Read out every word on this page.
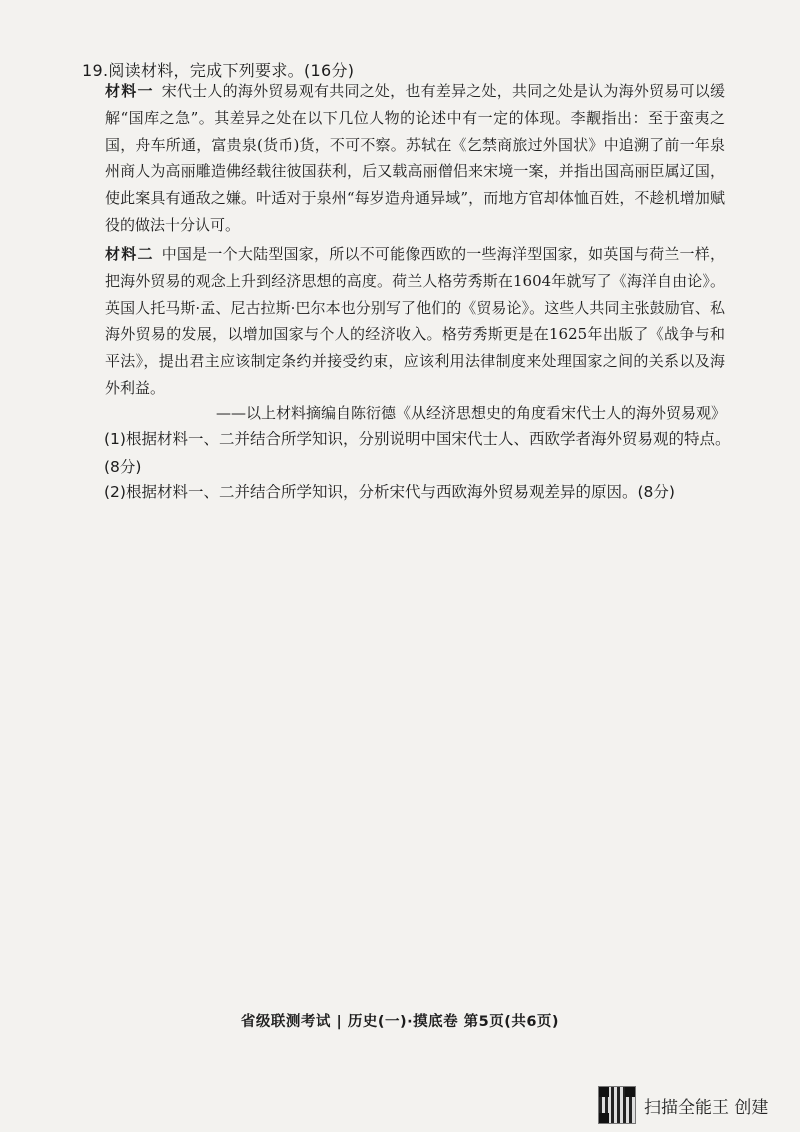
19.阅读材料，完成下列要求。(16分)
材料一 宋代士人的海外贸易观有共同之处，也有差异之处，共同之处是认为海外贸易可以缓解“国库之急”。其差异之处在以下几位人物的论述中有一定的体现。李觏指出：至于蛮夷之国，舟车所通，富贵泉(货币)货，不可不察。苏轼在《乞禁商旅过外国状》中追溯了前一年泉州商人为高丽雕造佛经载往彼国获利，后又载高丽僧侣来宋境一案，并指出国高丽臣属辽国，使此案具有通敌之嫌。叶适对于泉州“每岁造舟通异域”，而地方官却体恤百姓，不趁机增加赋役的做法十分认可。
材料二 中国是一个大陆型国家，所以不可能像西欧的一些海洋型国家，如英国与荷兰一样，把海外贸易的观念上升到经济思想的高度。荷兰人格劳秀斯在1604年就写了《海洋自由论》。英国人托马斯·孟、尼古拉斯·巴尔本也分别写了他们的《贸易论》。这些人共同主张鼓励官、私海外贸易的发展，以增加国家与个人的经济收入。格劳秀斯更是在1625年出版了《战争与和平法》，提出君主应该制定条约并接受约束，应该利用法律制度来处理国家之间的关系以及海外利益。
——以上材料摘编自陈衍德《从经济思想史的角度看宋代士人的海外贸易观》
(1)根据材料一、二并结合所学知识，分别说明中国宋代士人、西欧学者海外贸易观的特点。(8分)
(2)根据材料一、二并结合所学知识，分析宋代与西欧海外贸易观差异的原因。(8分)
省级联测考试 | 历史(一)·摸底卷 第5页(共6页)
扫描全能王 创建
